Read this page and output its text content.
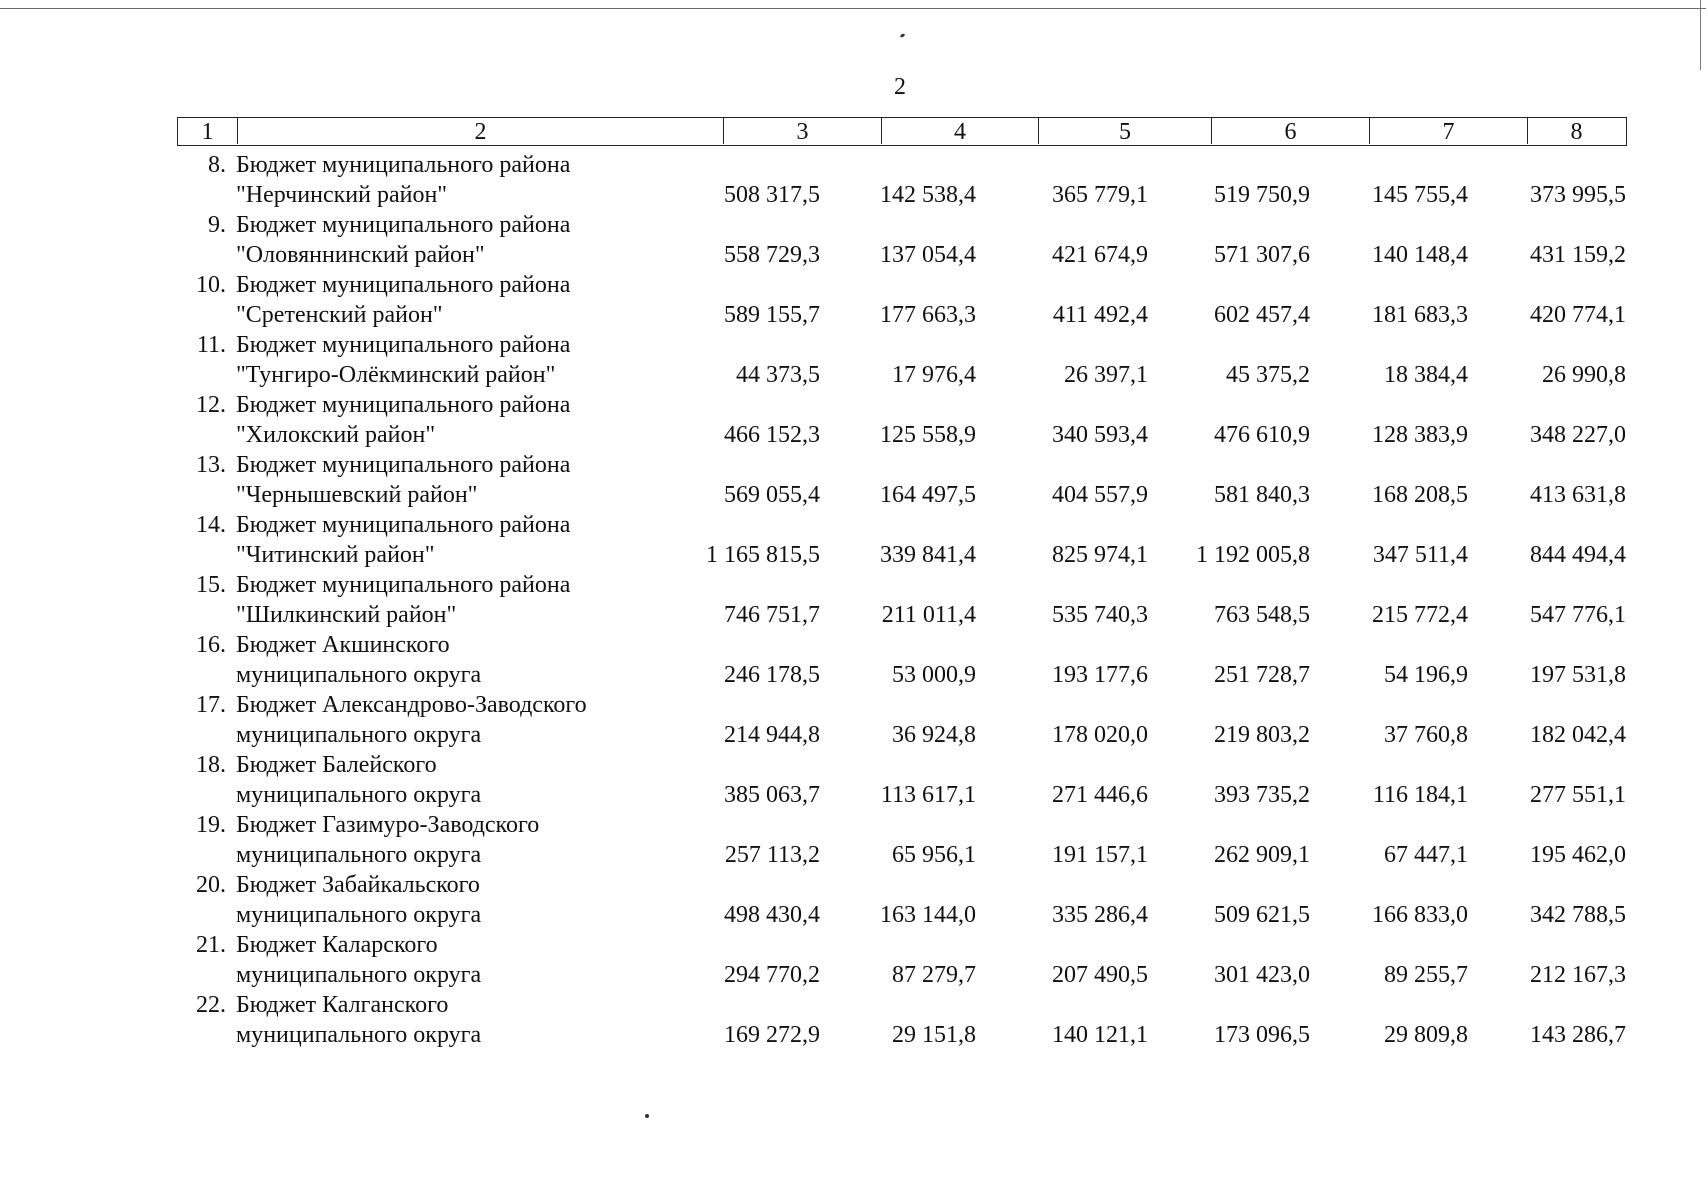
2
1	2	3	4	5	6	7	8
8. Бюджет муниципального района
"Нерчинский район"	508 317,5	142 538,4	365 779,1	519 750,9	145 755,4	373 995,5
9. Бюджет муниципального района
"Оловяннинский район"	558 729,3	137 054,4	421 674,9	571 307,6	140 148,4	431 159,2
10. Бюджет муниципального района
"Сретенский район"	589 155,7	177 663,3	411 492,4	602 457,4	181 683,3	420 774,1
11. Бюджет муниципального района
"Тунгиро-Олёкминский район"	44 373,5	17 976,4	26 397,1	45 375,2	18 384,4	26 990,8
12. Бюджет муниципального района
"Хилокский район"	466 152,3	125 558,9	340 593,4	476 610,9	128 383,9	348 227,0
13. Бюджет муниципального района
"Чернышевский район"	569 055,4	164 497,5	404 557,9	581 840,3	168 208,5	413 631,8
14. Бюджет муниципального района
"Читинский район"	1 165 815,5	339 841,4	825 974,1	1 192 005,8	347 511,4	844 494,4
15. Бюджет муниципального района
"Шилкинский район"	746 751,7	211 011,4	535 740,3	763 548,5	215 772,4	547 776,1
16. Бюджет Акшинского
муниципального округа	246 178,5	53 000,9	193 177,6	251 728,7	54 196,9	197 531,8
17. Бюджет Александрово-Заводского
муниципального округа	214 944,8	36 924,8	178 020,0	219 803,2	37 760,8	182 042,4
18. Бюджет Балейского
муниципального округа	385 063,7	113 617,1	271 446,6	393 735,2	116 184,1	277 551,1
19. Бюджет Газимуро-Заводского
муниципального округа	257 113,2	65 956,1	191 157,1	262 909,1	67 447,1	195 462,0
20. Бюджет Забайкальского
муниципального округа	498 430,4	163 144,0	335 286,4	509 621,5	166 833,0	342 788,5
21. Бюджет Каларского
муниципального округа	294 770,2	87 279,7	207 490,5	301 423,0	89 255,7	212 167,3
22. Бюджет Калганского
муниципального округа	169 272,9	29 151,8	140 121,1	173 096,5	29 809,8	143 286,7
